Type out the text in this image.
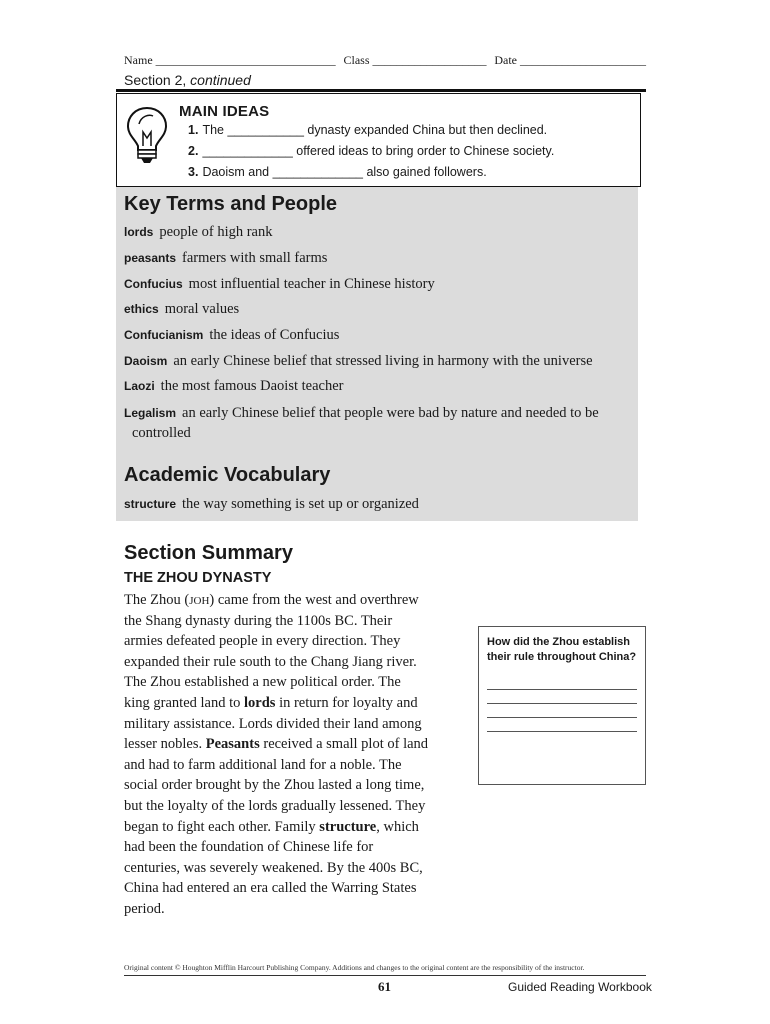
Name ______________________________ Class ___________________ Date _____________________
Section 2, continued
MAIN IDEAS
1. The ___________ dynasty expanded China but then declined.
2. _____________ offered ideas to bring order to Chinese society.
3. Daoism and _____________ also gained followers.
Key Terms and People
lords people of high rank
peasants farmers with small farms
Confucius most influential teacher in Chinese history
ethics moral values
Confucianism the ideas of Confucius
Daoism an early Chinese belief that stressed living in harmony with the universe
Laozi the most famous Daoist teacher
Legalism an early Chinese belief that people were bad by nature and needed to be
controlled
Academic Vocabulary
structure the way something is set up or organized
Section Summary
THE ZHOU DYNASTY
The Zhou (JOH) came from the west and overthrew
the Shang dynasty during the 1100s BC. Their
armies defeated people in every direction. They
expanded their rule south to the Chang Jiang river.
The Zhou established a new political order. The
king granted land to lords in return for loyalty and
military assistance. Lords divided their land among
lesser nobles. Peasants received a small plot of land
and had to farm additional land for a noble. The
social order brought by the Zhou lasted a long time,
but the loyalty of the lords gradually lessened. They
began to fight each other. Family structure, which
had been the foundation of Chinese life for
centuries, was severely weakened. By the 400s BC,
China had entered an era called the Warring States
period.
How did the Zhou establish their rule throughout China?
Original content © Houghton Mifflin Harcourt Publishing Company. Additions and changes to the original content are the responsibility of the instructor.
61	Guided Reading Workbook
